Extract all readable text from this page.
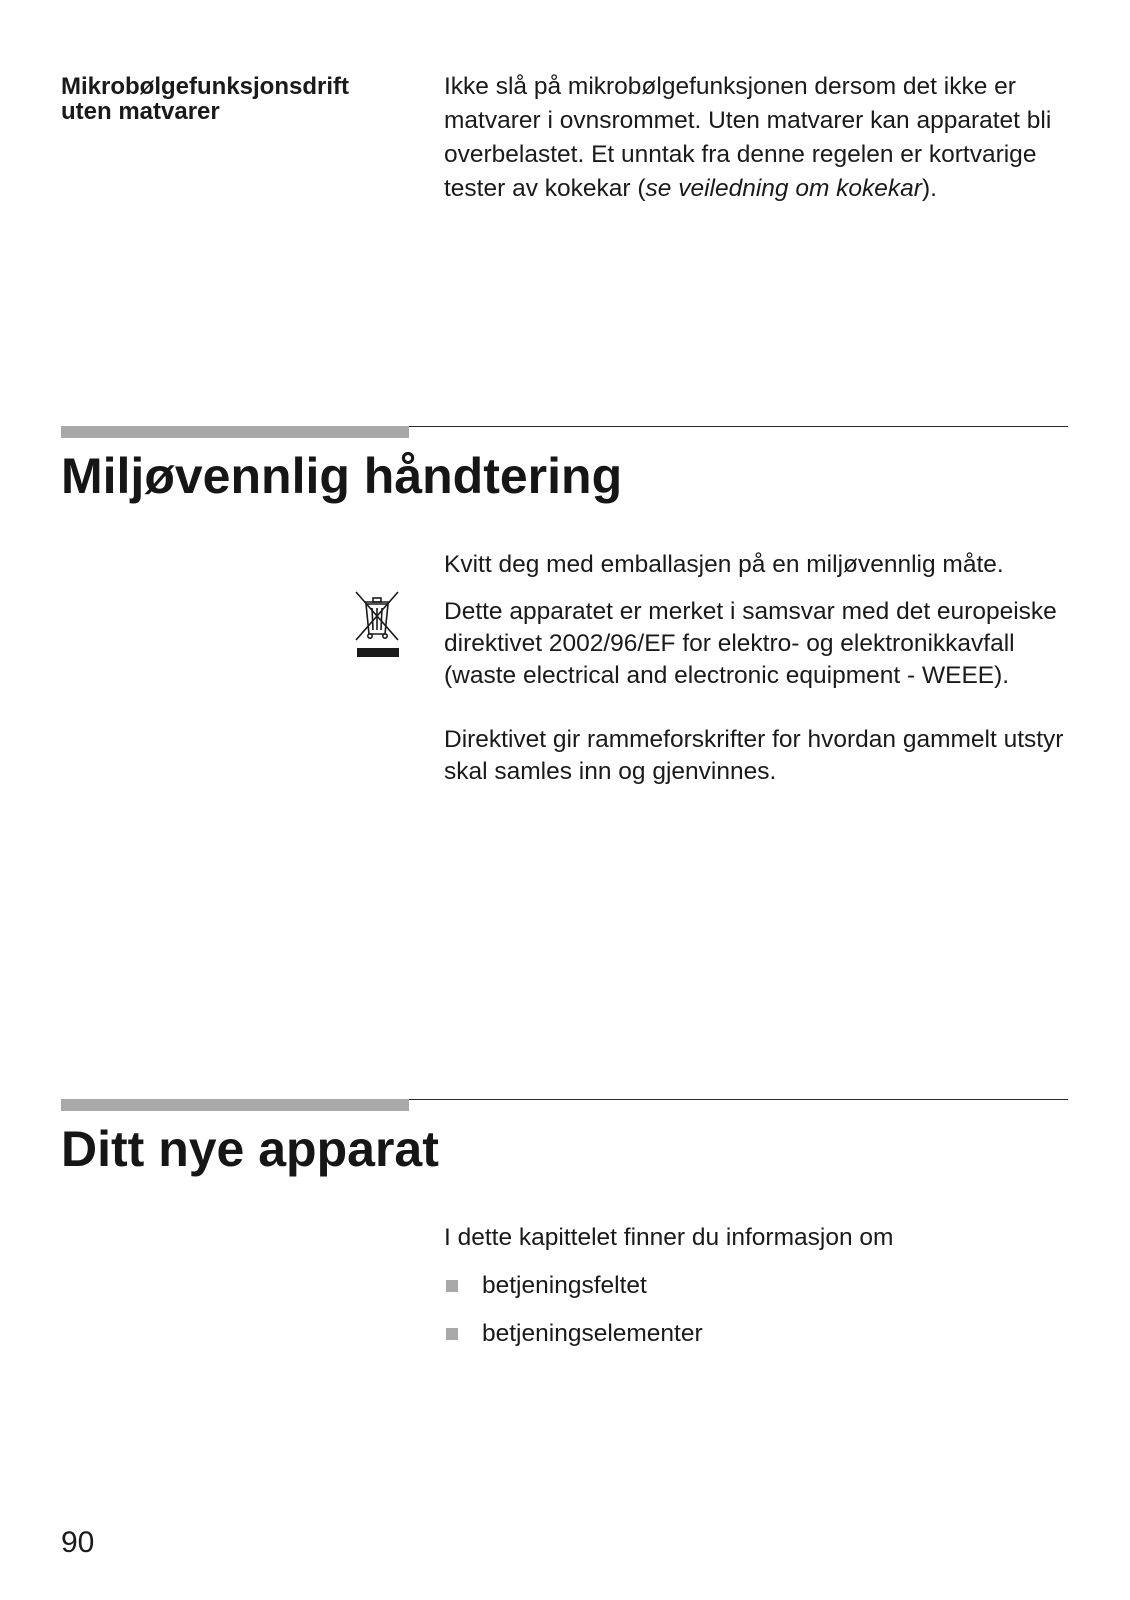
Mikrobølgefunksjonsdrift uten matvarer
Ikke slå på mikrobølgefunksjonen dersom det ikke er matvarer i ovnsrommet. Uten matvarer kan apparatet bli overbelastet. Et unntak fra denne regelen er kortvarige tester av kokekar (se veiledning om kokekar).
Miljøvennlig håndtering
Kvitt deg med emballasjen på en miljøvennlig måte.
Dette apparatet er merket i samsvar med det europeiske direktivet 2002/96/EF for elektro- og elektronikkavfall (waste electrical and electronic equipment - WEEE).
Direktivet gir rammeforskrifter for hvordan gammelt utstyr skal samles inn og gjenvinnes.
Ditt nye apparat
I dette kapittelet finner du informasjon om
betjeningsfeltet
betjeningselementer
90
